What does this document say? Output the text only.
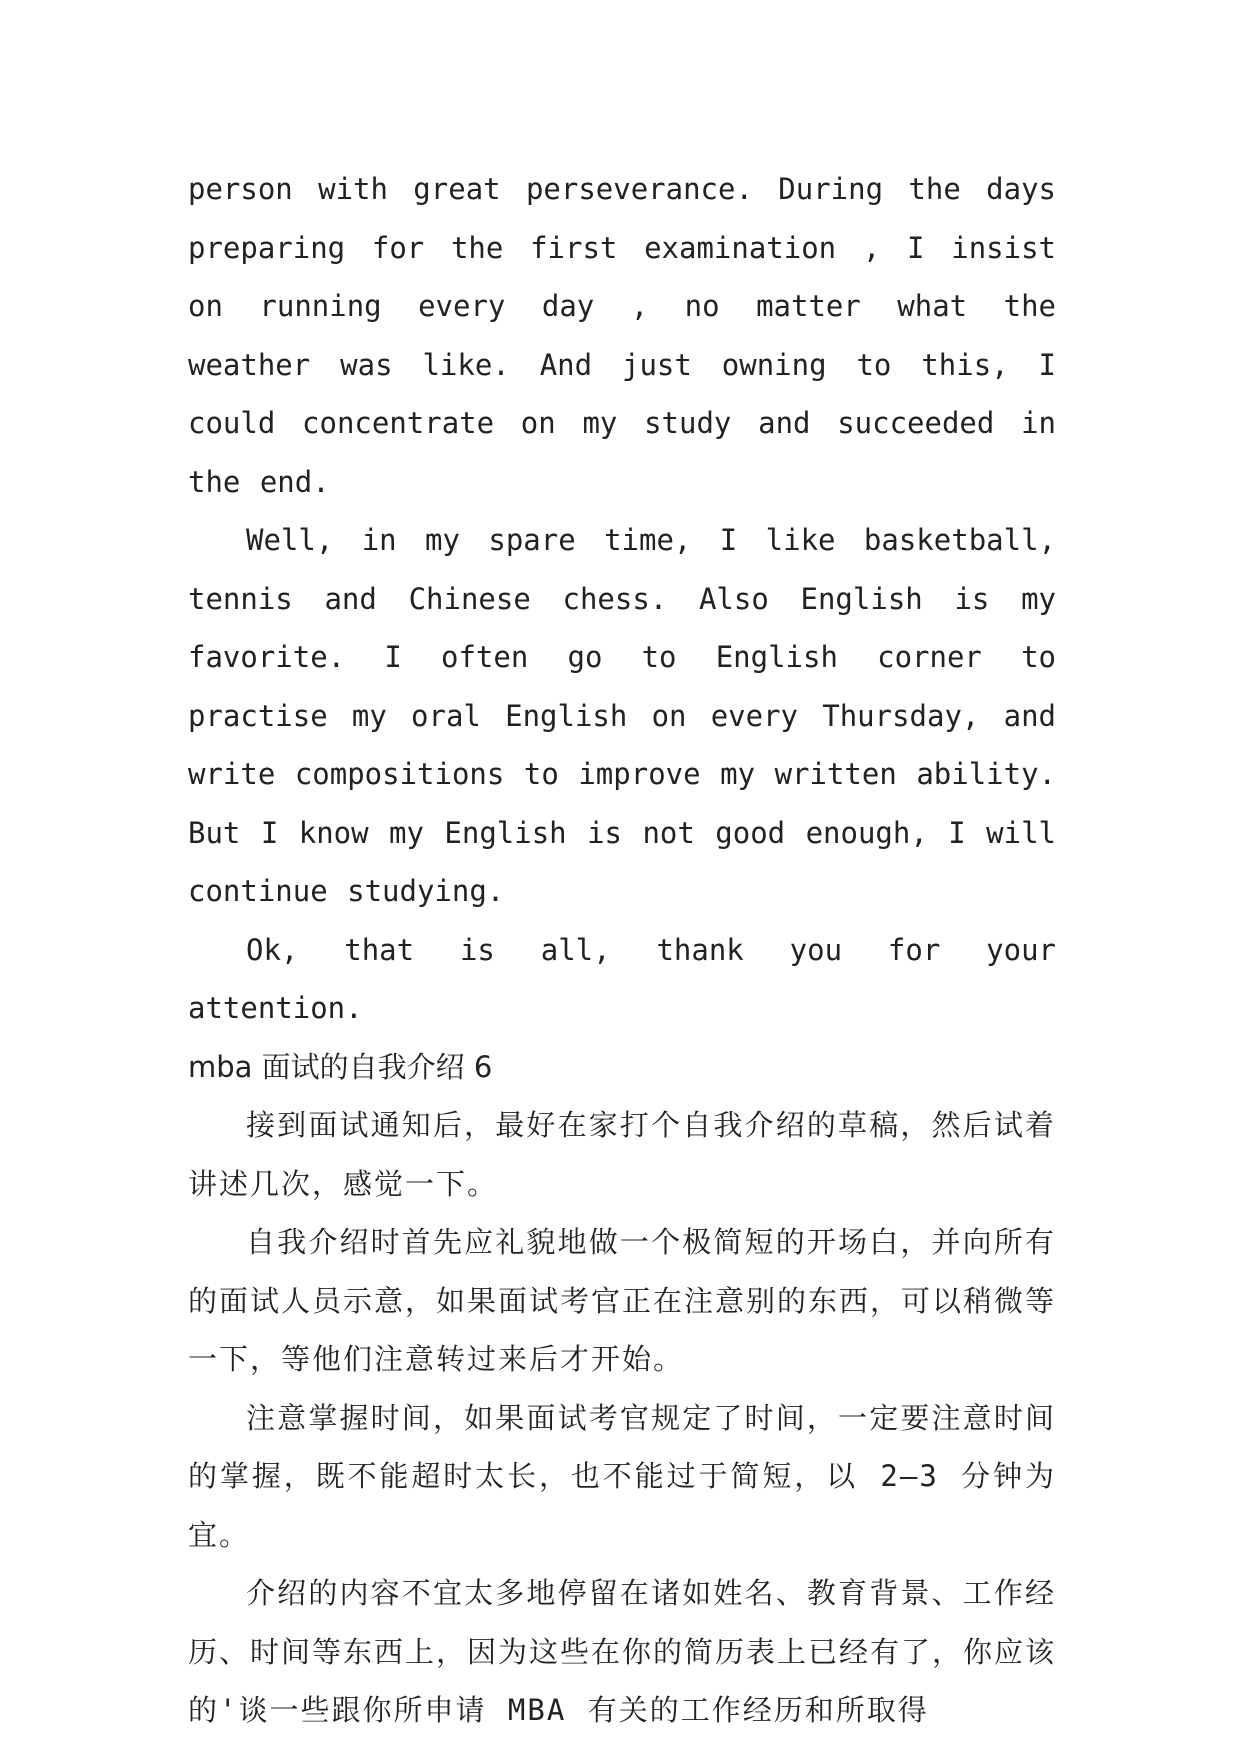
person with great perseverance. During the days preparing for the first examination , I insist on running every day , no matter what the weather was like. And just owning to this, I could concentrate on my study and succeeded in the end.

Well, in my spare time, I like basketball, tennis and Chinese chess. Also English is my favorite. I often go to English corner to practise my oral English on every Thursday, and write compositions to improve my written ability. But I know my English is not good enough, I will continue studying.

Ok, that is all, thank you for your attention.

mba 面试的自我介绍 6

接到面试通知后，最好在家打个自我介绍的草稿，然后试着讲述几次，感觉一下。

自我介绍时首先应礼貌地做一个极简短的开场白，并向所有的面试人员示意，如果面试考官正在注意别的东西，可以稍微等一下，等他们注意转过来后才开始。

注意掌握时间，如果面试考官规定了时间，一定要注意时间的掌握，既不能超时太长，也不能过于简短，以 2—3 分钟为宜。

介绍的内容不宜太多地停留在诸如姓名、教育背景、工作经历、时间等东西上，因为这些在你的简历表上已经有了，你应该的'谈一些跟你所申请 MBA 有关的工作经历和所取得
